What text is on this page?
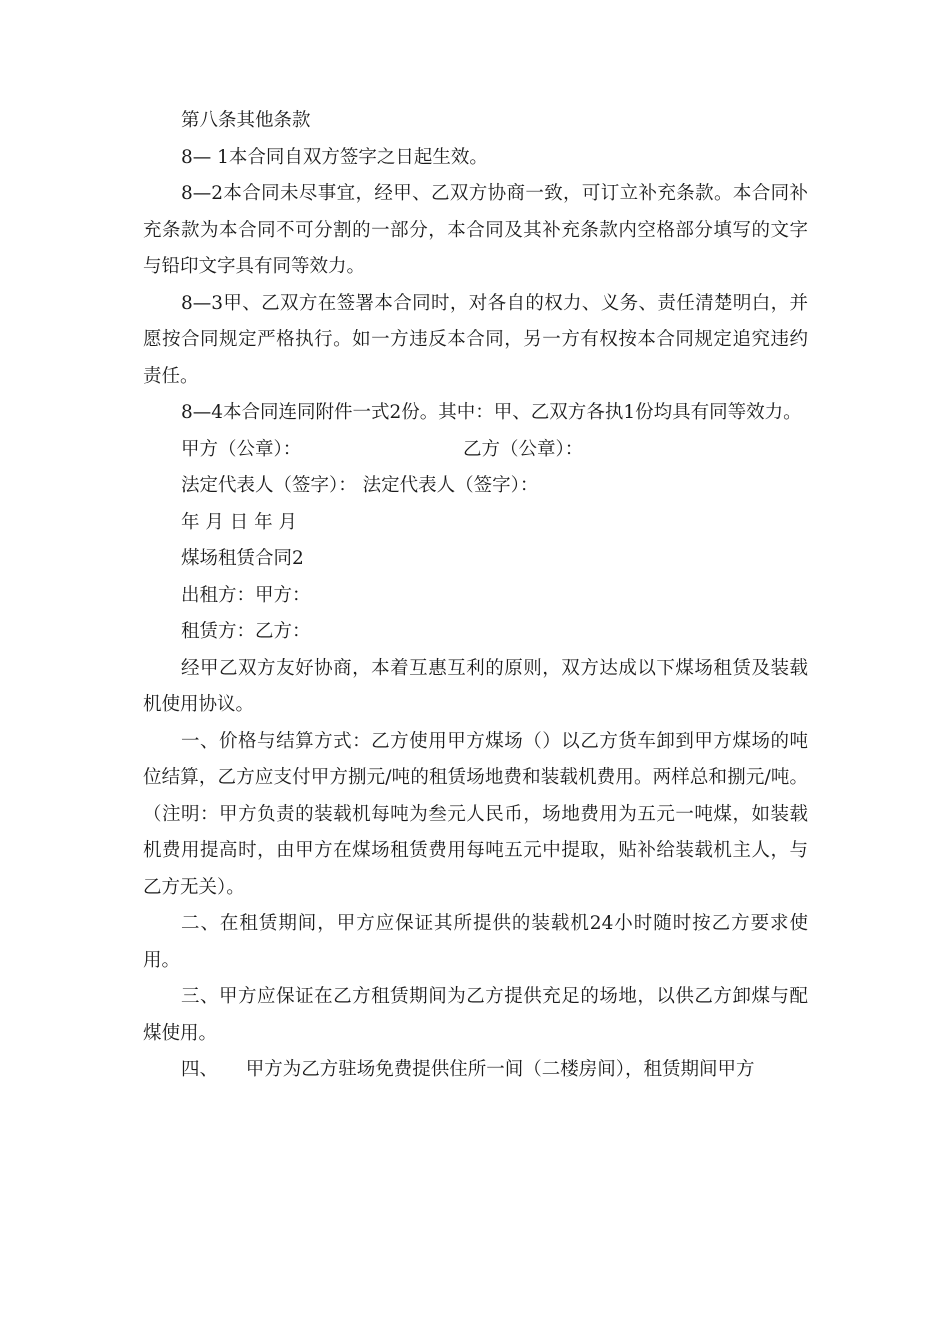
第八条其他条款

8— 1本合同自双方签字之日起生效。

8—2本合同未尽事宜，经甲、乙双方协商一致，可订立补充条款。本合同补充条款为本合同不可分割的一部分，本合同及其补充条款内空格部分填写的文字与铅印文字具有同等效力。

8—3甲、乙双方在签署本合同时，对各自的权力、义务、责任清楚明白，并愿按合同规定严格执行。如一方违反本合同，另一方有权按本合同规定追究违约责任。

8—4本合同连同附件一式2份。其中：甲、乙双方各执1份均具有同等效力。

甲方（公章）：	乙方（公章）：

法定代表人（签字）： 法定代表人（签字）：

年 月 日 年 月

煤场租赁合同2

出租方：甲方：

租赁方：乙方：

经甲乙双方友好协商，本着互惠互利的原则，双方达成以下煤场租赁及装载机使用协议。

一、价格与结算方式：乙方使用甲方煤场（）以乙方货车卸到甲方煤场的吨位结算，乙方应支付甲方捌元/吨的租赁场地费和装载机费用。两样总和捌元/吨。（注明：甲方负责的装载机每吨为叁元人民币，场地费用为五元一吨煤，如装载机费用提高时，由甲方在煤场租赁费用每吨五元中提取，贴补给装载机主人，与乙方无关）。

二、在租赁期间，甲方应保证其所提供的装载机24小时随时按乙方要求使用。

三、甲方应保证在乙方租赁期间为乙方提供充足的场地，以供乙方卸煤与配煤使用。

四、　　甲方为乙方驻场免费提供住所一间（二楼房间），租赁期间甲方
